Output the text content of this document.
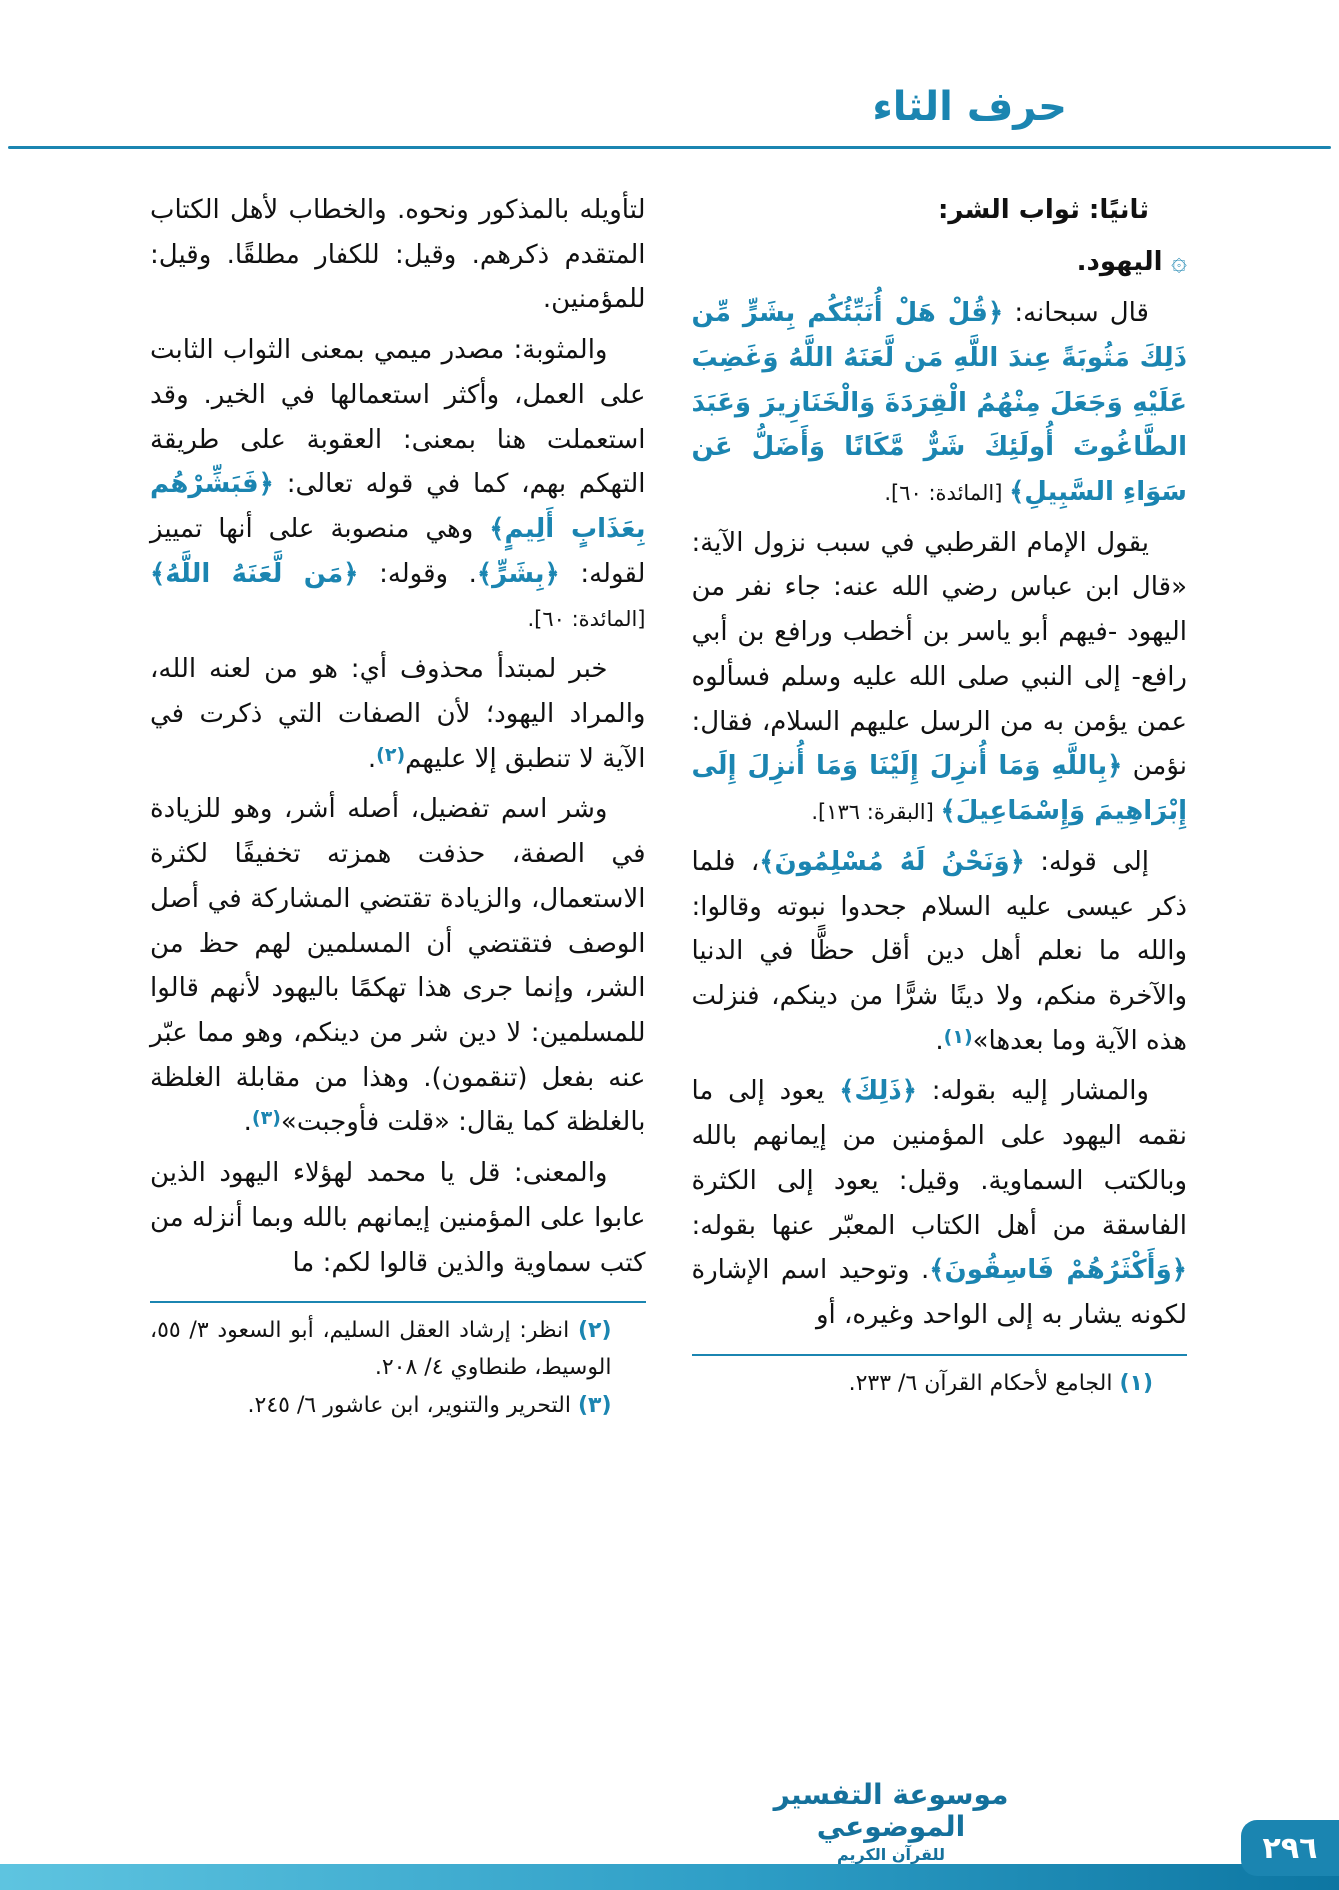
حرف الثاء

ثانيًا: ثواب الشر:

۞ اليهود.

قال سبحانه: ﴿قُلْ هَلْ أُنَبِّئُكُم بِشَرٍّ مِّن ذَلِكَ مَثُوبَةً عِندَ اللَّهِ مَن لَّعَنَهُ اللَّهُ وَغَضِبَ عَلَيْهِ وَجَعَلَ مِنْهُمُ الْقِرَدَةَ وَالْخَنَازِيرَ وَعَبَدَ الطَّاغُوتَ أُولَئِكَ شَرٌّ مَّكَانًا وَأَضَلُّ عَن سَوَاءِ السَّبِيلِ﴾ [المائدة: ٦٠].

يقول الإمام القرطبي في سبب نزول الآية: «قال ابن عباس رضي الله عنه: جاء نفر من اليهود -فيهم أبو ياسر بن أخطب ورافع بن أبي رافع- إلى النبي صلى الله عليه وسلم فسألوه عمن يؤمن به من الرسل عليهم السلام، فقال: نؤمن ﴿بِاللَّهِ وَمَا أُنزِلَ إِلَيْنَا وَمَا أُنزِلَ إِلَى إِبْرَاهِيمَ وَإِسْمَاعِيلَ﴾ [البقرة: ١٣٦].

إلى قوله: ﴿وَنَحْنُ لَهُ مُسْلِمُونَ﴾، فلما ذكر عيسى عليه السلام جحدوا نبوته وقالوا: والله ما نعلم أهل دين أقل حظًّا في الدنيا والآخرة منكم، ولا دينًا شرًّا من دينكم، فنزلت هذه الآية وما بعدها»$^{(١)}$.

والمشار إليه بقوله: ﴿ذَلِكَ﴾ يعود إلى ما نقمه اليهود على المؤمنين من إيمانهم بالله وبالكتب السماوية. وقيل: يعود إلى الكثرة الفاسقة من أهل الكتاب المعبّر عنها بقوله: ﴿وَأَكْثَرُهُمْ فَاسِقُونَ﴾. وتوحيد اسم الإشارة لكونه يشار به إلى الواحد وغيره، أو

(١) الجامع لأحكام القرآن ٦/ ٢٣٣.

لتأويله بالمذكور ونحوه. والخطاب لأهل الكتاب المتقدم ذكرهم. وقيل: للكفار مطلقًا. وقيل: للمؤمنين.

والمثوبة: مصدر ميمي بمعنى الثواب الثابت على العمل، وأكثر استعمالها في الخير. وقد استعملت هنا بمعنى: العقوبة على طريقة التهكم بهم، كما في قوله تعالى: ﴿فَبَشِّرْهُم بِعَذَابٍ أَلِيمٍ﴾ وهي منصوبة على أنها تمييز لقوله: ﴿بِشَرٍّ﴾. وقوله: ﴿مَن لَّعَنَهُ اللَّهُ﴾ [المائدة: ٦٠].

خبر لمبتدأ محذوف أي: هو من لعنه الله، والمراد اليهود؛ لأن الصفات التي ذكرت في الآية لا تنطبق إلا عليهم$^{(٢)}$.

وشر اسم تفضيل، أصله أشر، وهو للزيادة في الصفة، حذفت همزته تخفيفًا لكثرة الاستعمال، والزيادة تقتضي المشاركة في أصل الوصف فتقتضي أن المسلمين لهم حظ من الشر، وإنما جرى هذا تهكمًا باليهود لأنهم قالوا للمسلمين: لا دين شر من دينكم، وهو مما عبّر عنه بفعل (تنقمون). وهذا من مقابلة الغلظة بالغلظة كما يقال: «قلت فأوجبت»$^{(٣)}$.

والمعنى: قل يا محمد لهؤلاء اليهود الذين عابوا على المؤمنين إيمانهم بالله وبما أنزله من كتب سماوية والذين قالوا لكم: ما

(٢) انظر: إرشاد العقل السليم، أبو السعود ٣/ ٥٥، الوسيط، طنطاوي ٤/ ٢٠٨.

(٣) التحرير والتنوير، ابن عاشور ٦/ ٢٤٥.

موسوعة التفسير الموضوعي
للقرآن الكريم	٢٩٦
